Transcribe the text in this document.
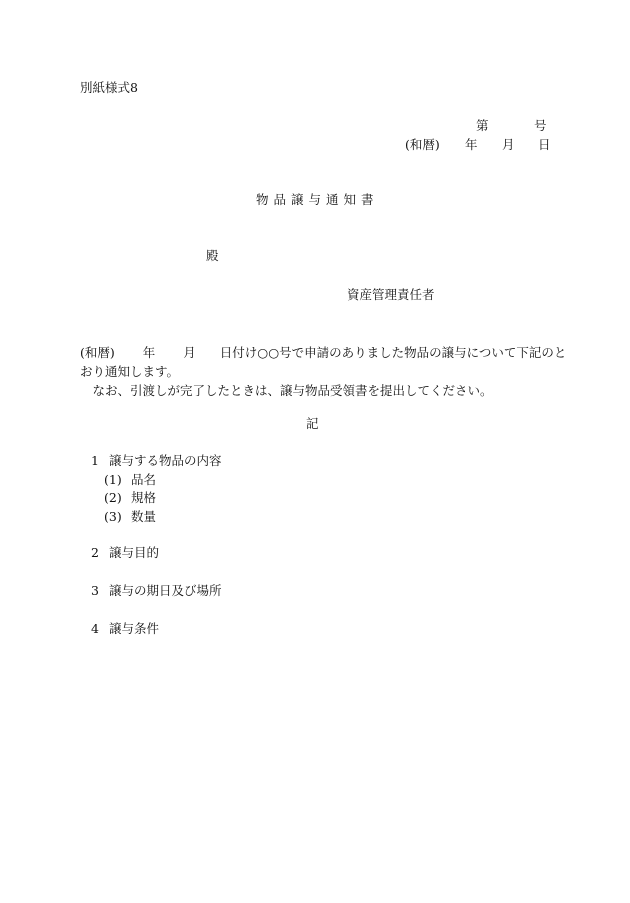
別紙様式8
第	号
(和暦) 年 月 日
物品譲与通知書
殿
資産管理責任者
(和暦) 年 月 日付け○○号で申請のありました物品の譲与について下記のと
おり通知します。
　なお、引渡しが完了したときは、譲与物品受領書を提出してください。
記
1 譲与する物品の内容
(1) 品名
(2) 規格
(3) 数量
2 譲与目的
3 譲与の期日及び場所
4 譲与条件
